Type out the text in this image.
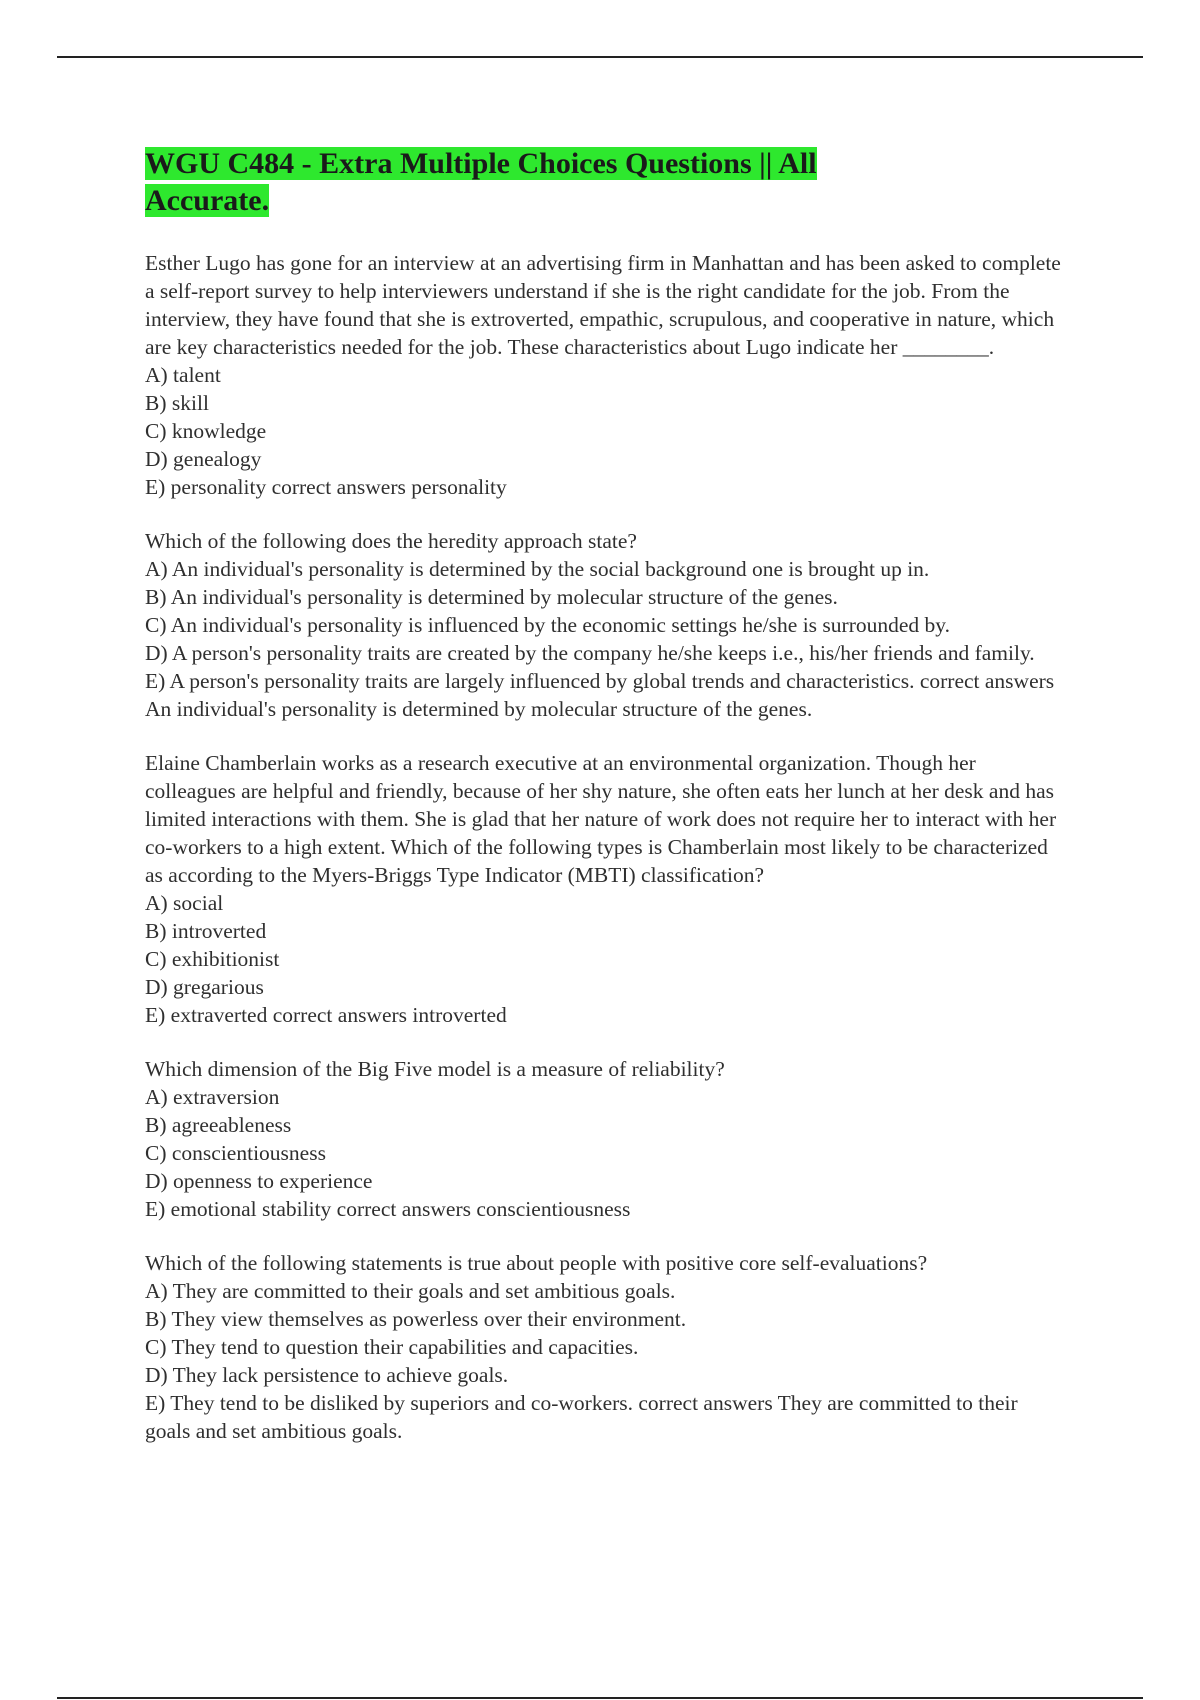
WGU C484 - Extra Multiple Choices Questions || All Accurate.

Esther Lugo has gone for an interview at an advertising firm in Manhattan and has been asked to complete a self-report survey to help interviewers understand if she is the right candidate for the job. From the interview, they have found that she is extroverted, empathic, scrupulous, and cooperative in nature, which are key characteristics needed for the job. These characteristics about Lugo indicate her ________.

A) talent

B) skill

C) knowledge

D) genealogy

E) personality correct answers personality

Which of the following does the heredity approach state?

A) An individual's personality is determined by the social background one is brought up in.

B) An individual's personality is determined by molecular structure of the genes.

C) An individual's personality is influenced by the economic settings he/she is surrounded by.

D) A person's personality traits are created by the company he/she keeps i.e., his/her friends and family.

E) A person's personality traits are largely influenced by global trends and characteristics. correct answers An individual's personality is determined by molecular structure of the genes.

Elaine Chamberlain works as a research executive at an environmental organization. Though her colleagues are helpful and friendly, because of her shy nature, she often eats her lunch at her desk and has limited interactions with them. She is glad that her nature of work does not require her to interact with her co-workers to a high extent. Which of the following types is Chamberlain most likely to be characterized as according to the Myers-Briggs Type Indicator (MBTI) classification?

A) social

B) introverted

C) exhibitionist

D) gregarious

E) extraverted correct answers introverted

Which dimension of the Big Five model is a measure of reliability?

A) extraversion

B) agreeableness

C) conscientiousness

D) openness to experience

E) emotional stability correct answers conscientiousness

Which of the following statements is true about people with positive core self-evaluations?

A) They are committed to their goals and set ambitious goals.

B) They view themselves as powerless over their environment.

C) They tend to question their capabilities and capacities.

D) They lack persistence to achieve goals.

E) They tend to be disliked by superiors and co-workers. correct answers They are committed to their goals and set ambitious goals.
